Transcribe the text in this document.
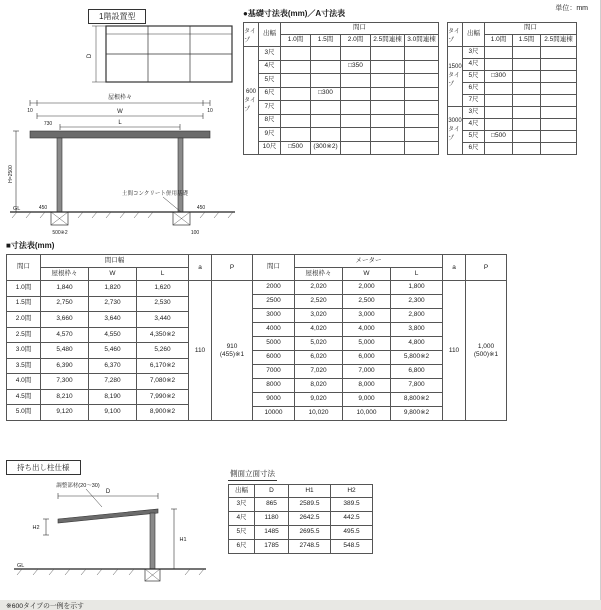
単位：mm
1階設置型
D
屋根枠々
10	10
W
L
730
H=2500
土間コンクリート併用基礎
450	450
GL
500※2	100
●基礎寸法表(mm)／A寸法表
タイプ
600
タイプ
出幅	間口				
	1.0間	1.5間	2.0間	2.5間連棟	3.0間連棟
3尺					
4尺			□350		
5尺					
6尺		□300			
7尺					
8尺					
9尺					
10尺	□500	(300※2)			
タイプ
1500
タイプ
3000
タイプ
出幅	間口		
	1.0間	1.5間	2.5間連棟
3尺			
4尺			
5尺	□300		
6尺			
7尺			
3尺			
4尺			
5尺	□500		
6尺			
■寸法表(mm)
間口	間口幅		
	屋根枠々	W	L
1.0間	1,840	1,820	1,620
1.5間	2,750	2,730	2,530
2.0間	3,660	3,640	3,440
2.5間	4,570	4,550	4,350※2
3.0間	5,480	5,460	5,260
3.5間	6,390	6,370	6,170※2
4.0間	7,300	7,280	7,080※2
4.5間	8,210	8,190	7,990※2
5.0間	9,120	9,100	8,900※2
a
110
P
910
(455)※1
間口	メーター		
	屋根枠々	W	L
2000	2,020	2,000	1,800
2500	2,520	2,500	2,300
3000	3,020	3,000	2,800
4000	4,020	4,000	3,800
5000	5,020	5,000	4,800
6000	6,020	6,000	5,800※2
7000	7,020	7,000	6,800
8000	8,020	8,000	7,800
9000	9,020	9,000	8,800※2
10000	10,020	10,000	9,800※2
a
110
P
1,000
(500)※1
持ち出し柱仕様
調整部材(20〜30)
D
H2
H1
GL
※600タイプの一例を示す
側面立面寸法
出幅	D	H1	H2
3尺	865	2589.5	389.5
4尺	1180	2642.5	442.5
5尺	1485	2695.5	495.5
6尺	1785	2748.5	548.5
